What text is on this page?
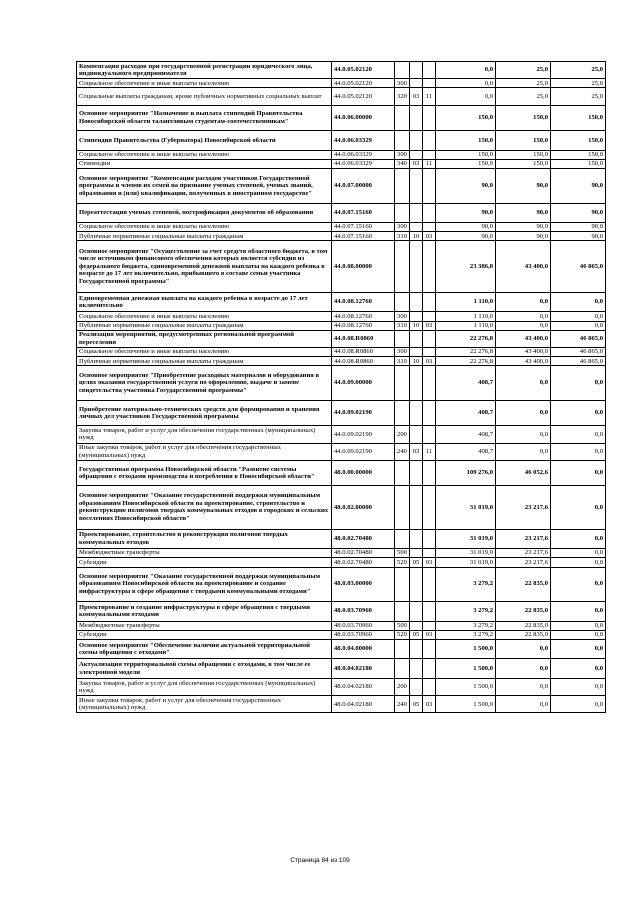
Компенсация расходов при государственной регистрации юридического лица, индивидуального предпринимателя	44.0.05.02120				0,0	25,0	25,0
Социальное обеспечение и иные выплаты населению	44.0.05.02120	300			0,0	25,0	25,0
Социальные выплаты гражданам, кроме публичных нормативных социальных выплат	44.0.05.02120	320	03	11	0,0	25,0	25,0
Основное мероприятие "Назначение и выплата стипендий Правительства Новосибирской области талантливым студентам-соотечественникам"	44.0.06.00000				150,0	150,0	150,0
Стипендия Правительства (Губернатора) Новосибирской области	44.0.06.03329				150,0	150,0	150,0
Социальное обеспечение и иные выплаты населению	44.0.06.03329	300			150,0	150,0	150,0
Стипендии	44.0.06.03329	340	03	11	150,0	150,0	150,0
Основное мероприятие "Компенсация расходов участников Государственной программы и членов их семей на признание ученых степеней, ученых званий, образования и (или) квалификации, полученных в иностранном государстве"	44.0.07.00000				90,0	90,0	90,0
Переаттестация ученых степеней, нострификация документов об образовании	44.0.07.15160				90,0	90,0	90,0
Социальное обеспечение и иные выплаты населению	44.0.07.15160	300			90,0	90,0	90,0
Публичные нормативные социальные выплаты гражданам	44.0.07.15160	310	10	03	90,0	90,0	90,0
Основное мероприятие "Осуществление за счет средств областного бюджета, в том числе источником финансового обеспечения которых является субсидия из федерального бюджета, единовременной денежной выплаты на каждого ребенка в возрасте до 17 лет включительно, прибывшего в составе семьи участника Государственной программы"	44.0.08.00000				23 386,8	43 400,0	46 865,0
Единовременная денежная выплата на каждого ребенка в возрасте до 17 лет включительно	44.0.08.12760				1 110,0	0,0	0,0
Социальное обеспечение и иные выплаты населению	44.0.08.12760	300			1 110,0	0,0	0,0
Публичные нормативные социальные выплаты гражданам	44.0.08.12760	310	10	03	1 110,0	0,0	0,0
Реализация мероприятий, предусмотренных региональной программой переселения	44.0.08.R0860				22 276,8	43 400,0	46 865,0
Социальное обеспечение и иные выплаты населению	44.0.08.R0860	300			22 276,8	43 400,0	46 865,0
Публичные нормативные социальные выплаты гражданам	44.0.08.R0860	310	10	03	22 276,8	43 400,0	46 865,0
Основное мероприятие "Приобретение расходных материалов и оборудования в целях оказания государственной услуги по оформлению, выдаче и замене свидетельства участника Государственной программы"	44.0.09.00000				408,7	0,0	0,0
Приобретение материально-технических средств для формирования и хранения личных дел участников Государственной программы	44.0.09.02190				408,7	0,0	0,0
Закупка товаров, работ и услуг для обеспечения государственных (муниципальных) нужд	44.0.09.02190	200			408,7	0,0	0,0
Иные закупки товаров, работ и услуг для обеспечения государственных (муниципальных) нужд	44.0.09.02190	240	03	11	408,7	0,0	0,0
Государственная программа Новосибирской области "Развитие системы обращения с отходами производства и потребления в Новосибирской области"	48.0.00.00000				109 276,0	46 052,6	0,0
Основное мероприятие "Оказание государственной поддержки муниципальным образованиям Новосибирской области на проектирование, строительство и реконструкцию полигонов твердых коммунальных отходов в городских и сельских поселениях Новосибирской области"	48.0.02.00000				31 019,0	23 217,6	0,0
Проектирование, строительство и реконструкция полигонов твердых коммунальных отходов	48.0.02.70480				31 019,0	23 217,6	0,0
Межбюджетные трансферты	48.0.02.70480	500			31 019,0	23 217,6	0,0
Субсидии	48.0.02.70480	520	05	03	31 019,0	23 217,6	0,0
Основное мероприятие "Оказание государственной поддержки муниципальным образованиям Новосибирской области на проектирование и создание инфраструктуры в сфере обращения с твердыми коммунальными отходами"	48.0.03.00000				3 279,2	22 835,0	0,0
Проектирование и создание инфраструктуры в сфере обращения с твердыми коммунальными отходами	48.0.03.70960				3 279,2	22 835,0	0,0
Межбюджетные трансферты	48.0.03.70960	500			3 279,2	22 835,0	0,0
Субсидии	48.0.03.70960	520	05	03	3 279,2	22 835,0	0,0
Основное мероприятие "Обеспечение наличия актуальной территориальной схемы обращения с отходами"	48.0.04.00000				1 500,0	0,0	0,0
Актуализация территориальной схемы обращения с отходами, в том числе ее электронной модели	48.0.04.02180				1 500,0	0,0	0,0
Закупка товаров, работ и услуг для обеспечения государственных (муниципальных) нужд	48.0.04.02180	200			1 500,0	0,0	0,0
Иные закупки товаров, работ и услуг для обеспечения государственных (муниципальных) нужд	48.0.04.02180	240	05	03	1 500,0	0,0	0,0
Страница 84 из 109
